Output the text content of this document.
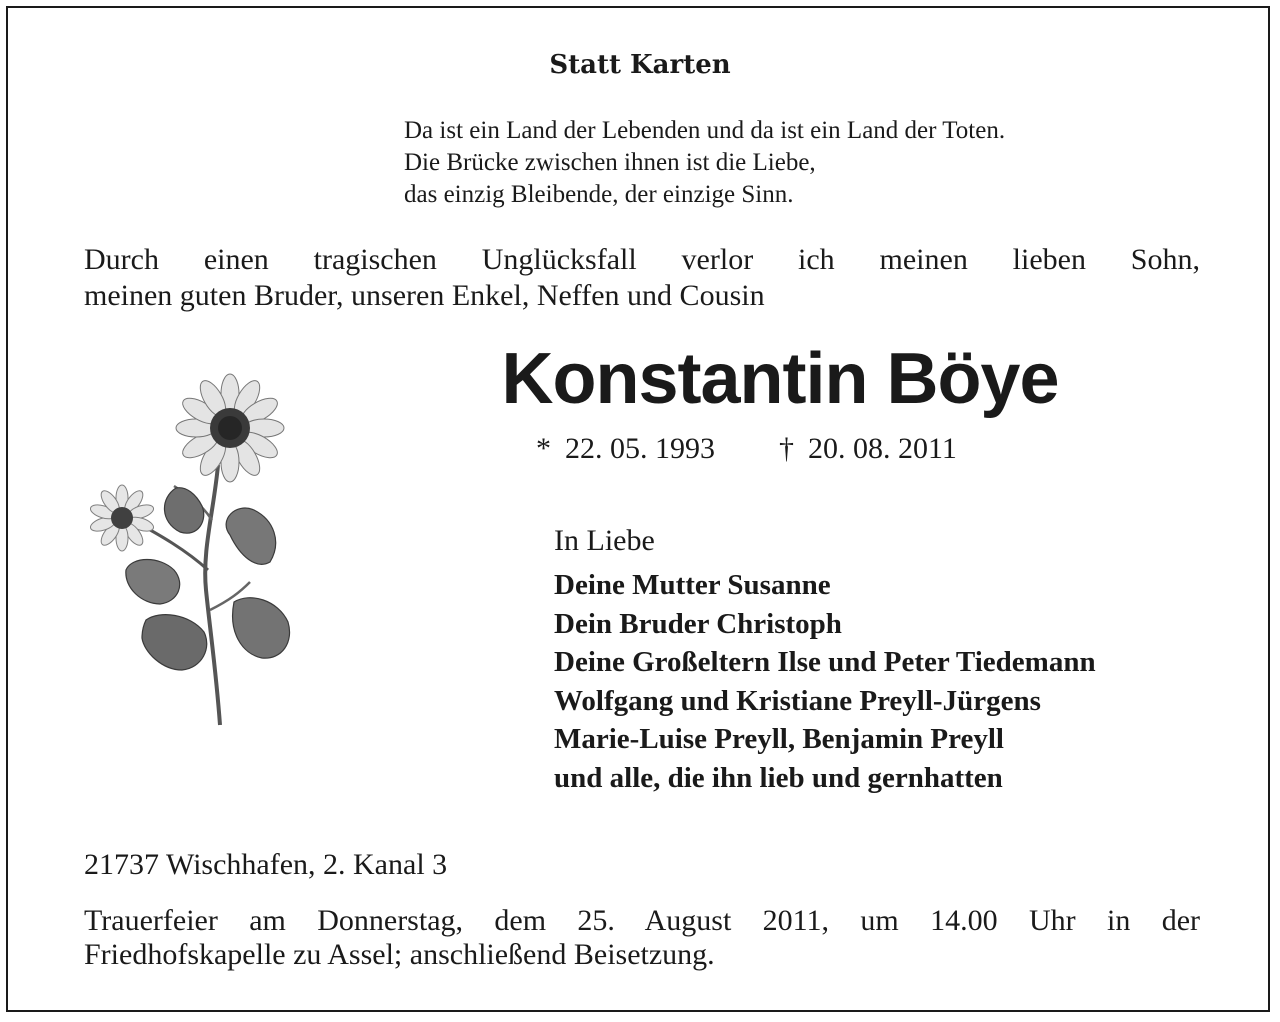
Statt Karten
Da ist ein Land der Lebenden und da ist ein Land der Toten.
Die Brücke zwischen ihnen ist die Liebe,
das einzig Bleibende, der einzige Sinn.
Durch einen tragischen Unglücksfall verlor ich meinen lieben Sohn,
meinen guten Bruder, unseren Enkel, Neffen und Cousin
Konstantin Böye
* 22. 05. 1993 † 20. 08. 2011
In Liebe
Deine Mutter Susanne
Dein Bruder Christoph
Deine Großeltern Ilse und Peter Tiedemann
Wolfgang und Kristiane Preyll-Jürgens
Marie-Luise Preyll, Benjamin Preyll
und alle, die ihn lieb und gernhatten
21737 Wischhafen, 2. Kanal 3
Trauerfeier am Donnerstag, dem 25. August 2011, um 14.00 Uhr in der
Friedhofskapelle zu Assel; anschließend Beisetzung.
